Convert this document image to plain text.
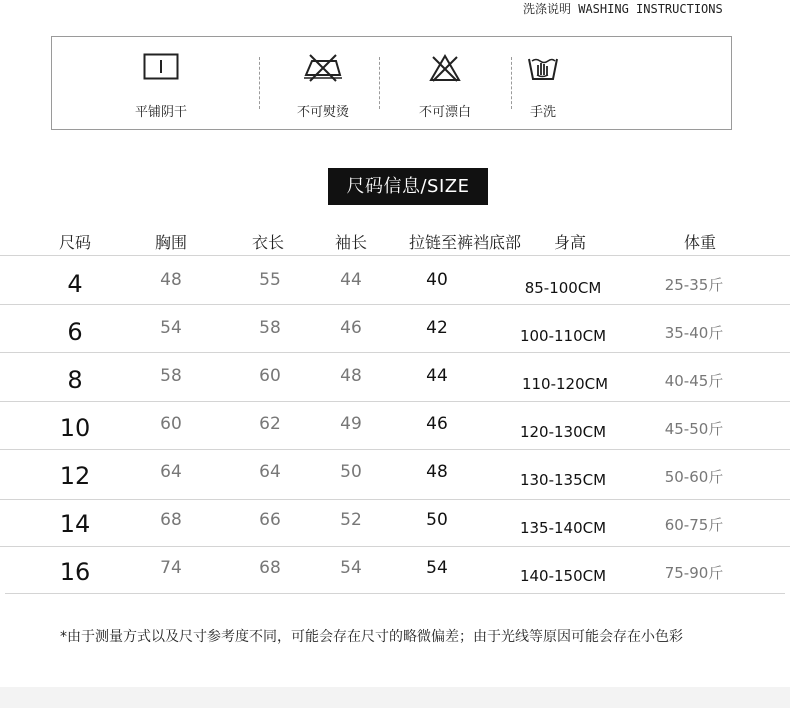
洗涤说明 WASHING INSTRUCTIONS
平铺阴干	不可熨烫	不可漂白	手洗
尺码信息/SIZE
尺码	胸围	衣长	袖长	拉链至裤裆底部	身高	体重
4	48	55	44	40	85-100CM	25-35斤
6	54	58	46	42	100-110CM	35-40斤
8	58	60	48	44	110-120CM	40-45斤
10	60	62	49	46	120-130CM	45-50斤
12	64	64	50	48	130-135CM	50-60斤
14	68	66	52	50	135-140CM	60-75斤
16	74	68	54	54	140-150CM	75-90斤
*由于测量方式以及尺寸参考度不同，可能会存在尺寸的略微偏差；由于光线等原因可能会存在小色彩
